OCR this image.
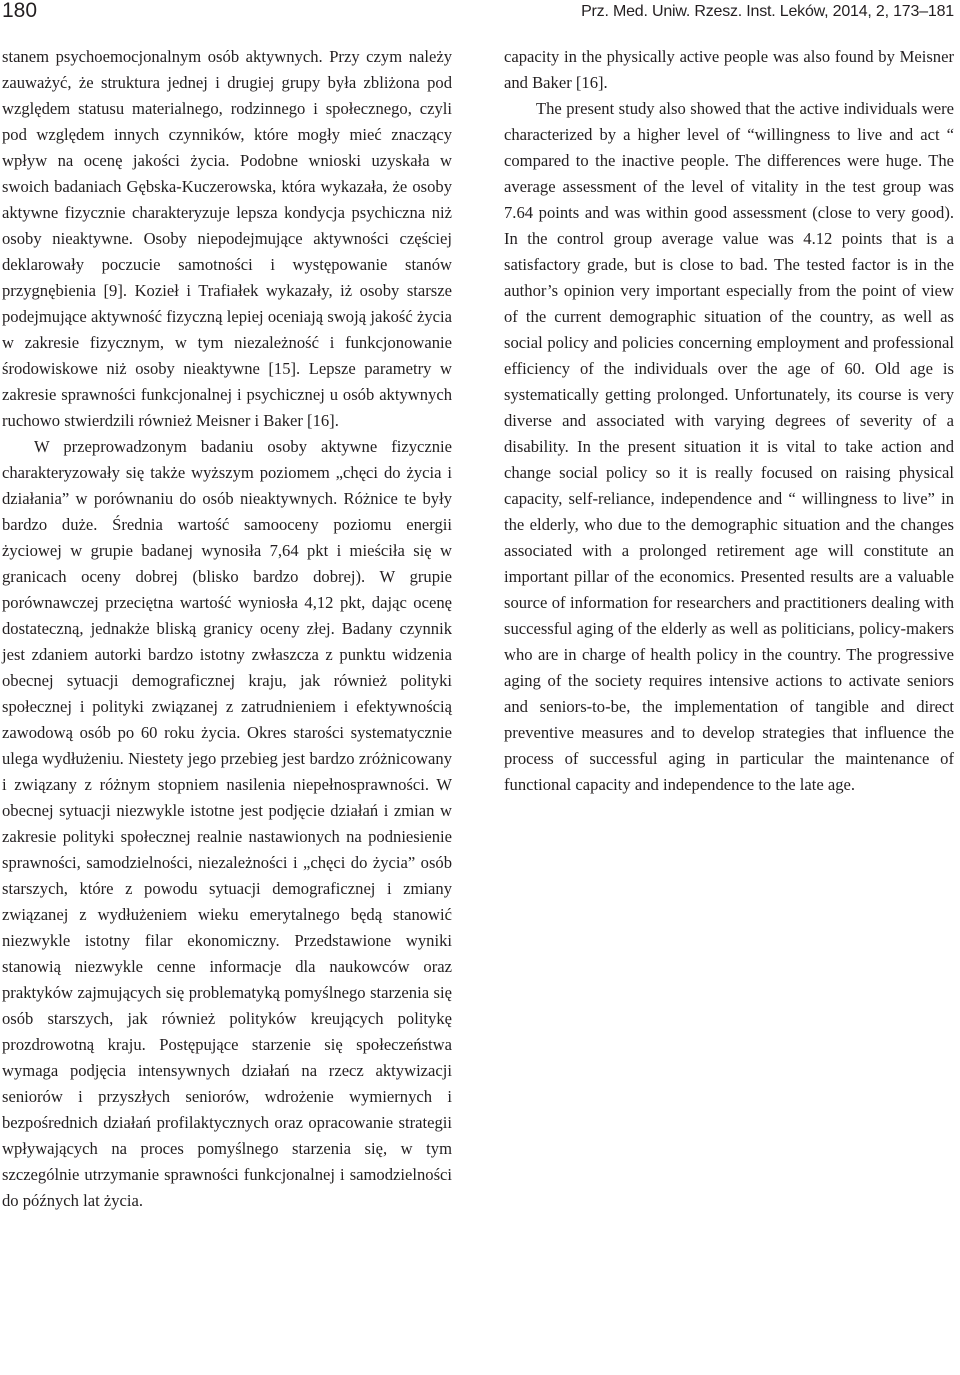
180	Prz. Med. Uniw. Rzesz. Inst. Leków, 2014, 2, 173–181

stanem psychoemocjonalnym osób aktywnych. Przy czym należy zauważyć, że struktura jednej i drugiej grupy była zbliżona pod względem statusu materialnego, rodzinnego i społecznego, czyli pod względem innych czynników, które mogły mieć znaczący wpływ na ocenę jakości życia. Podobne wnioski uzyskała w swoich badaniach Gębska-Kuczerowska, która wykazała, że osoby aktywne fizycznie charakteryzuje lepsza kondycja psychiczna niż osoby nieaktywne. Osoby niepodejmujące aktywności częściej deklarowały poczucie samotności i występowanie stanów przygnębienia [9]. Kozieł i Trafiałek wykazały, iż osoby starsze podejmujące aktywność fizyczną lepiej oceniają swoją jakość życia w zakresie fizycznym, w tym niezależność i funkcjonowanie środowiskowe niż osoby nieaktywne [15]. Lepsze parametry w zakresie sprawności funkcjonalnej i psychicznej u osób aktywnych ruchowo stwierdzili również Meisner i Baker [16].

W przeprowadzonym badaniu osoby aktywne fizycznie charakteryzowały się także wyższym poziomem „chęci do życia i działania” w porównaniu do osób nieaktywnych. Różnice te były bardzo duże. Średnia wartość samooceny poziomu energii życiowej w grupie badanej wynosiła 7,64 pkt i mieściła się w granicach oceny dobrej (blisko bardzo dobrej). W grupie porównawczej przeciętna wartość wyniosła 4,12 pkt, dając ocenę dostateczną, jednakże bliską granicy oceny złej. Badany czynnik jest zdaniem autorki bardzo istotny zwłaszcza z punktu widzenia obecnej sytuacji demograficznej kraju, jak również polityki społecznej i polityki związanej z zatrudnieniem i efektywnością zawodową osób po 60 roku życia. Okres starości systematycznie ulega wydłużeniu. Niestety jego przebieg jest bardzo zróżnicowany i związany z różnym stopniem nasilenia niepełnosprawności. W obecnej sytuacji niezwykle istotne jest podjęcie działań i zmian w zakresie polityki społecznej realnie nastawionych na podniesienie sprawności, samodzielności, niezależności i „chęci do życia” osób starszych, które z powodu sytuacji demograficznej i zmiany związanej z wydłużeniem wieku emerytalnego będą stanowić niezwykle istotny filar ekonomiczny. Przedstawione wyniki stanowią niezwykle cenne informacje dla naukowców oraz praktyków zajmujących się problematyką pomyślnego starzenia się osób starszych, jak również polityków kreujących politykę prozdrowotną kraju. Postępujące starzenie się społeczeństwa wymaga podjęcia intensywnych działań na rzecz aktywizacji seniorów i przyszłych seniorów, wdrożenie wymiernych i bezpośrednich działań profilaktycznych oraz opracowanie strategii wpływających na proces pomyślnego starzenia się, w tym szczególnie utrzymanie sprawności funkcjonalnej i samodzielności do późnych lat życia.

capacity in the physically active people was also found by Meisner and Baker [16].

The present study also showed that the active individuals were characterized by a higher level of “willingness to live and act “ compared to the inactive people. The differences were huge. The average assessment of the level of vitality in the test group was 7.64 points and was within good assessment (close to very good). In the control group average value was 4.12 points that is a satisfactory grade, but is close to bad. The tested factor is in the author’s opinion very important especially from the point of view of the current demographic situation of the country, as well as social policy and policies concerning employment and professional efficiency of the individuals over the age of 60. Old age is systematically getting prolonged. Unfortunately, its course is very diverse and associated with varying degrees of severity of a disability. In the present situation it is vital to take action and change social policy so it is really focused on raising physical capacity, self-reliance, independence and “ willingness to live” in the elderly, who due to the demographic situation and the changes associated with a prolonged retirement age will constitute an important pillar of the economics. Presented results are a valuable source of information for researchers and practitioners dealing with successful aging of the elderly as well as politicians, policy-makers who are in charge of health policy in the country. The progressive aging of the society requires intensive actions to activate seniors and seniors-to-be, the implementation of tangible and direct preventive measures and to develop strategies that influence the process of successful aging in particular the maintenance of functional capacity and independence to the late age.
